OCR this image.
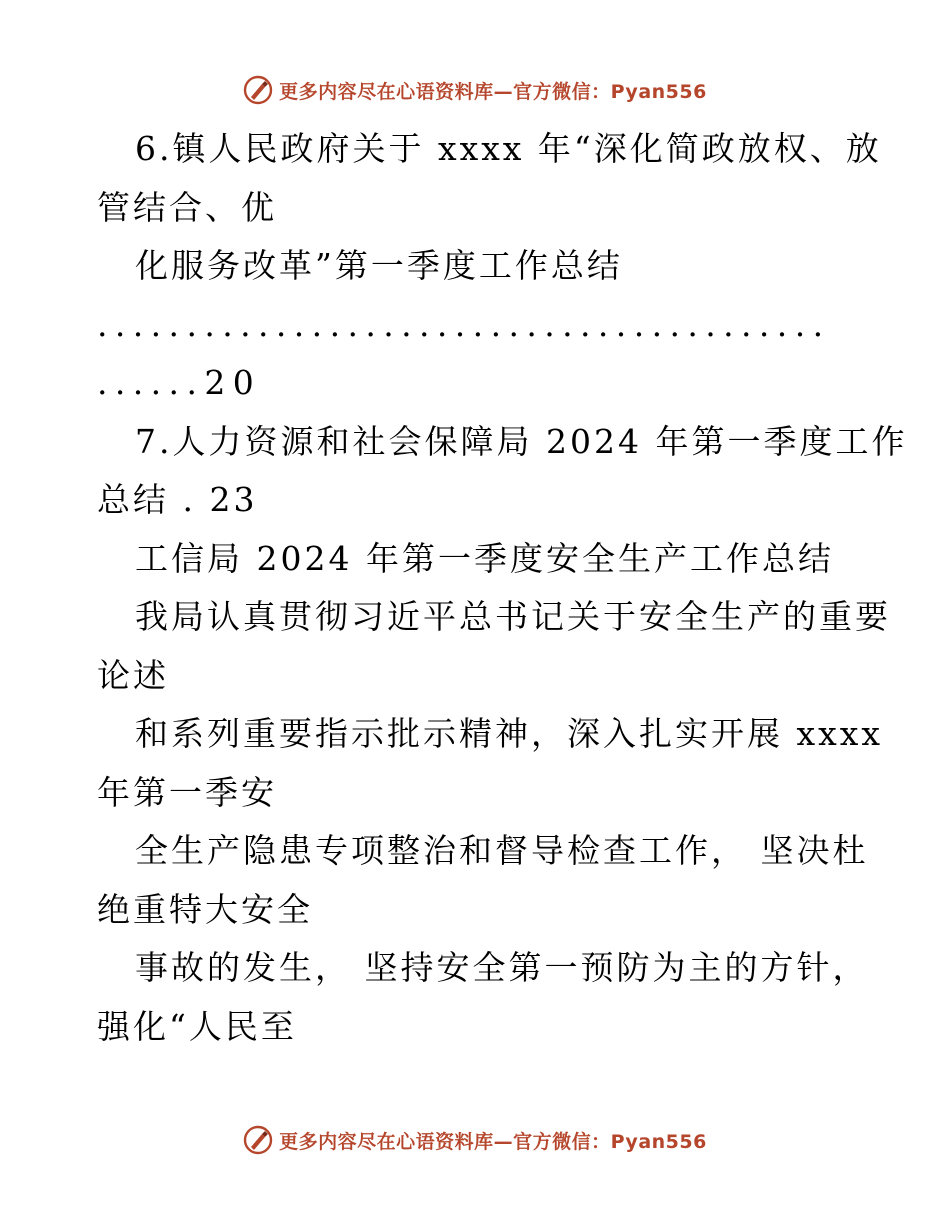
更多内容尽在心语资料库—官方微信：Pyan556
6.镇人民政府关于 xxxx 年“深化简政放权、放
管结合、优
化服务改革”第一季度工作总结
.........................................
......20
7.人力资源和社会保障局 2024 年第一季度工作
总结 . 23
工信局 2024 年第一季度安全生产工作总结
我局认真贯彻习近平总书记关于安全生产的重要
论述
和系列重要指示批示精神，深入扎实开展 xxxx
年第一季安
全生产隐患专项整治和督导检查工作， 坚决杜
绝重特大安全
事故的发生， 坚持安全第一预防为主的方针，
强化“人民至
更多内容尽在心语资料库—官方微信：Pyan556
